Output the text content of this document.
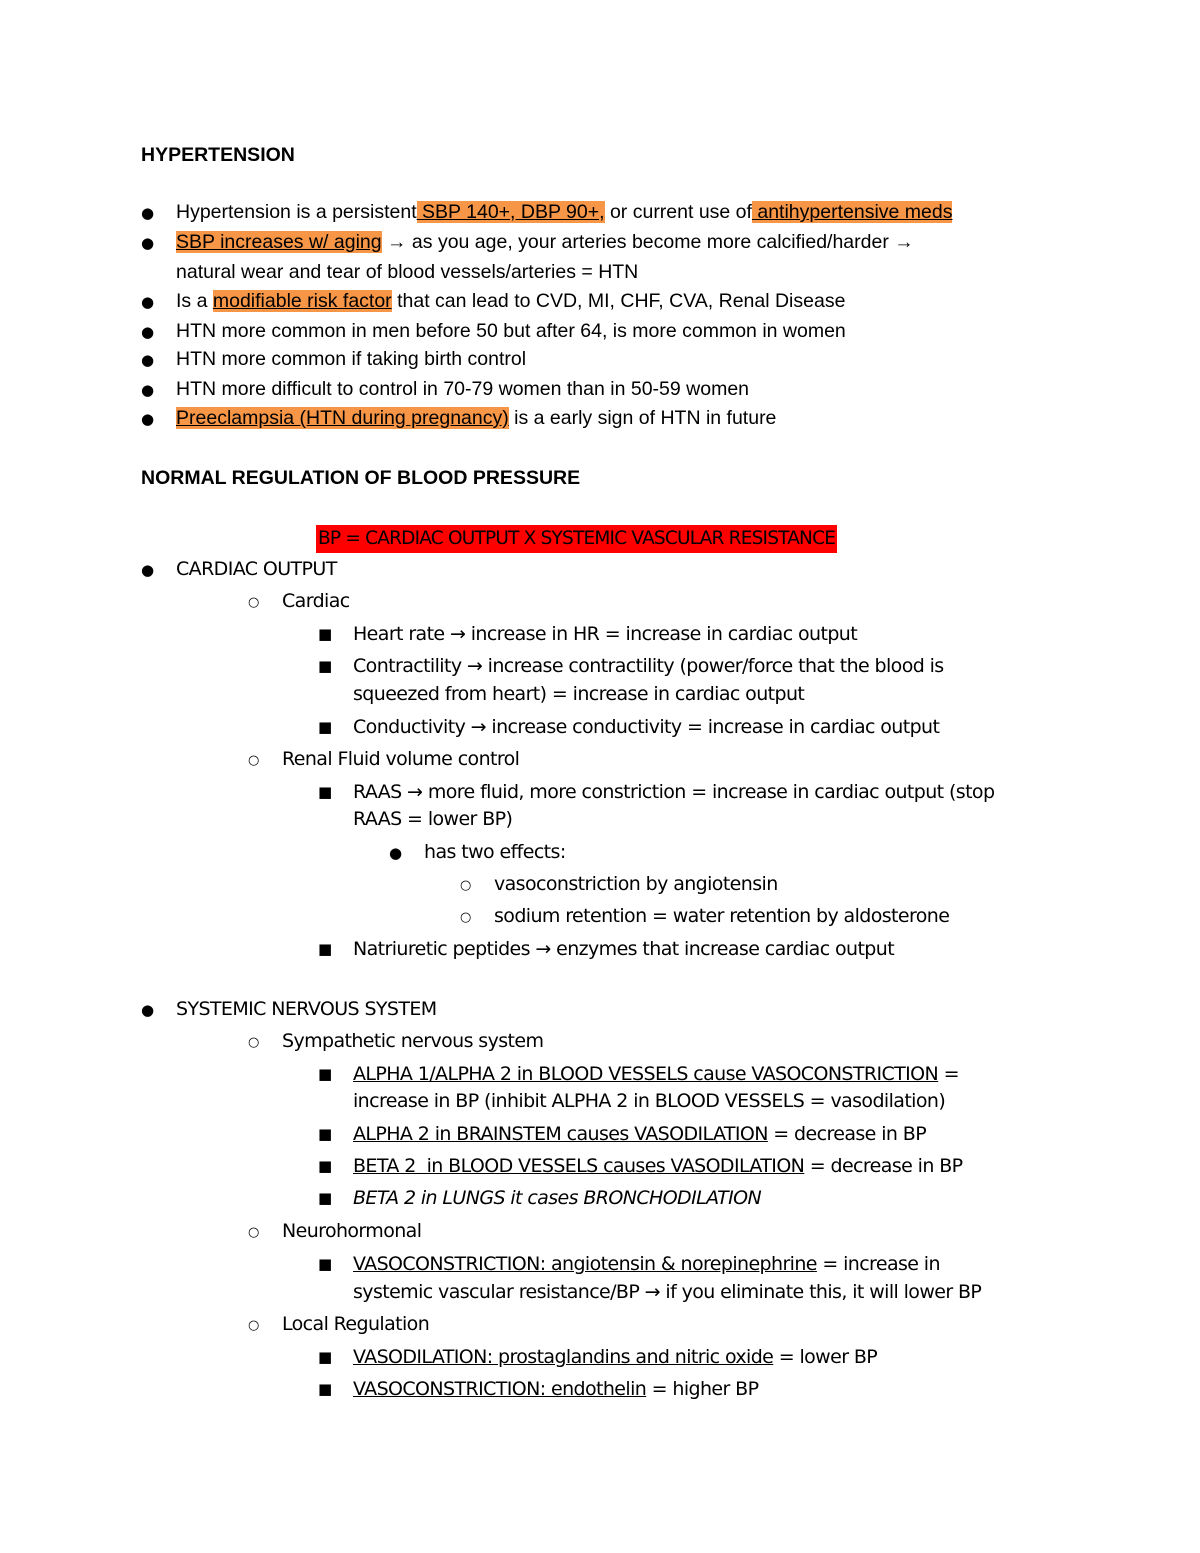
HYPERTENSION
● Hypertension is a persistent SBP 140+, DBP 90+, or current use of antihypertensive meds
● SBP increases w/ aging → as you age, your arteries become more calcified/harder →
natural wear and tear of blood vessels/arteries = HTN
● Is a modifiable risk factor that can lead to CVD, MI, CHF, CVA, Renal Disease
● HTN more common in men before 50 but after 64, is more common in women
● HTN more common if taking birth control
● HTN more difficult to control in 70-79 women than in 50-59 women
● Preeclampsia (HTN during pregnancy) is a early sign of HTN in future
NORMAL REGULATION OF BLOOD PRESSURE
BP = CARDIAC OUTPUT X SYSTEMIC VASCULAR RESISTANCE
● CARDIAC OUTPUT
○ Cardiac
■ Heart rate → increase in HR = increase in cardiac output
■ Contractility → increase contractility (power/force that the blood is
squeezed from heart) = increase in cardiac output
■ Conductivity → increase conductivity = increase in cardiac output
○ Renal Fluid volume control
■ RAAS → more fluid, more constriction = increase in cardiac output (stop
RAAS = lower BP)
● has two effects:
○ vasoconstriction by angiotensin
○ sodium retention = water retention by aldosterone
■ Natriuretic peptides → enzymes that increase cardiac output
● SYSTEMIC NERVOUS SYSTEM
○ Sympathetic nervous system
■ ALPHA 1/ALPHA 2 in BLOOD VESSELS cause VASOCONSTRICTION =
increase in BP (inhibit ALPHA 2 in BLOOD VESSELS = vasodilation)
■ ALPHA 2 in BRAINSTEM causes VASODILATION = decrease in BP
■ BETA 2  in BLOOD VESSELS causes VASODILATION = decrease in BP
■ BETA 2 in LUNGS it cases BRONCHODILATION
○ Neurohormonal
■ VASOCONSTRICTION: angiotensin & norepinephrine = increase in
systemic vascular resistance/BP → if you eliminate this, it will lower BP
○ Local Regulation
■ VASODILATION: prostaglandins and nitric oxide = lower BP
■ VASOCONSTRICTION: endothelin = higher BP
